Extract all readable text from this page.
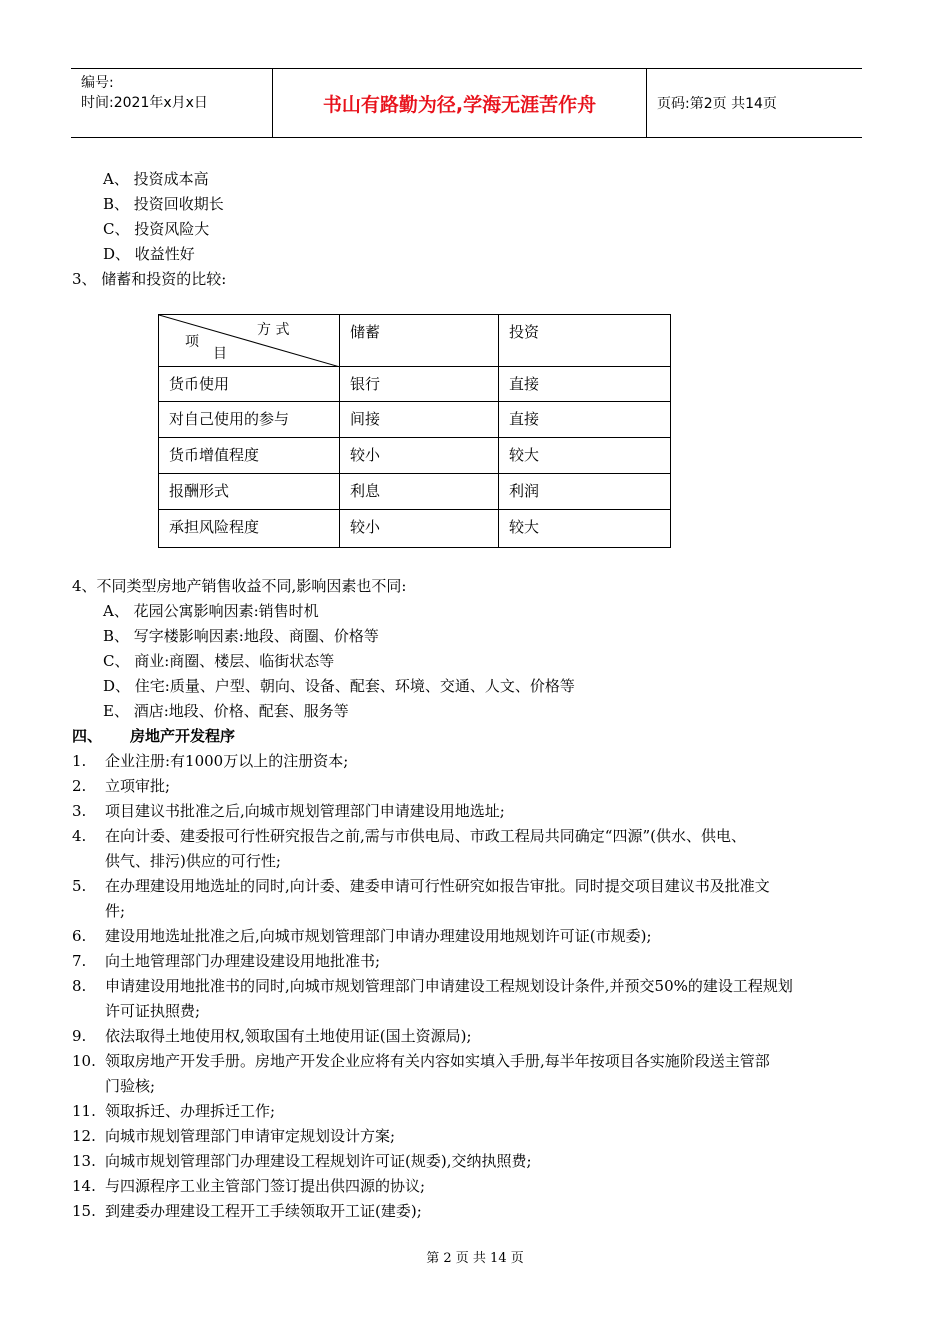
编号:
时间:2021年x月x日	书山有路勤为径,学海无涯苦作舟	页码:第2页 共14页
A、 投资成本高
B、 投资回收期长
C、 投资风险大
D、 收益性好
3、 储蓄和投资的比较:
方 式
项
目	储蓄	投资
货币使用	银行	直接
对自己使用的参与	间接	直接
货币增值程度	较小	较大
报酬形式	利息	利润
承担风险程度	较小	较大
4、不同类型房地产销售收益不同,影响因素也不同:
A、 花园公寓影响因素:销售时机
B、 写字楼影响因素:地段、商圈、价格等
C、 商业:商圈、楼层、临街状态等
D、 住宅:质量、户型、朝向、设备、配套、环境、交通、人文、价格等
E、 酒店:地段、价格、配套、服务等
四、 房地产开发程序
1. 企业注册:有1000万以上的注册资本;
2. 立项审批;
3. 项目建议书批准之后,向城市规划管理部门申请建设用地选址;
4. 在向计委、建委报可行性研究报告之前,需与市供电局、市政工程局共同确定“四源”(供水、供电、
供气、排污)供应的可行性;
5. 在办理建设用地选址的同时,向计委、建委申请可行性研究如报告审批。同时提交项目建议书及批准文
件;
6. 建设用地选址批准之后,向城市规划管理部门申请办理建设用地规划许可证(市规委);
7. 向土地管理部门办理建设建设用地批准书;
8. 申请建设用地批准书的同时,向城市规划管理部门申请建设工程规划设计条件,并预交50%的建设工程规划
许可证执照费;
9. 依法取得土地使用权,领取国有土地使用证(国土资源局);
10. 领取房地产开发手册。房地产开发企业应将有关内容如实填入手册,每半年按项目各实施阶段送主管部
门验核;
11. 领取拆迁、办理拆迁工作;
12. 向城市规划管理部门申请审定规划设计方案;
13. 向城市规划管理部门办理建设工程规划许可证(规委),交纳执照费;
14. 与四源程序工业主管部门签订提出供四源的协议;
15. 到建委办理建设工程开工手续领取开工证(建委);
第 2 页 共 14 页
